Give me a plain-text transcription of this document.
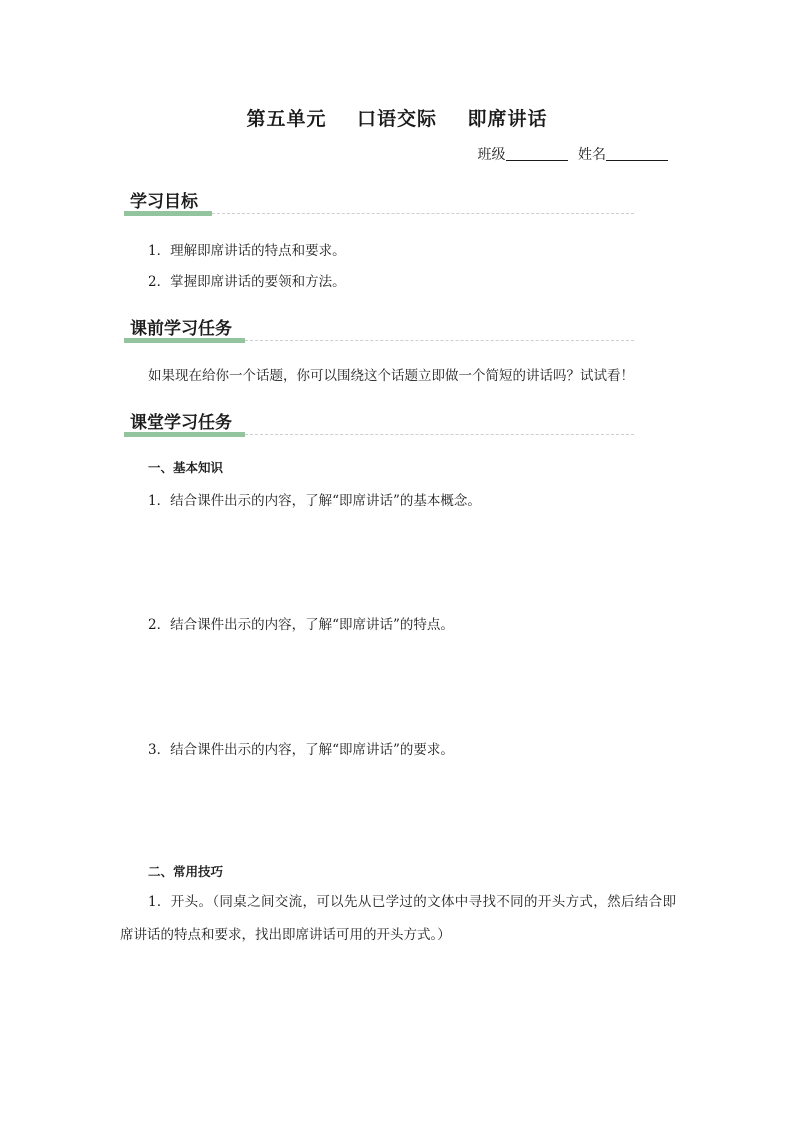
第五单元    口语交际    即席讲话
班级	姓名
学习目标
1．理解即席讲话的特点和要求。
2．掌握即席讲话的要领和方法。
课前学习任务
如果现在给你一个话题，你可以围绕这个话题立即做一个简短的讲话吗？试试看！
课堂学习任务
一、基本知识
1．结合课件出示的内容，了解“即席讲话”的基本概念。
2．结合课件出示的内容，了解“即席讲话”的特点。
3．结合课件出示的内容，了解“即席讲话”的要求。
二、常用技巧
1．开头。（同桌之间交流，可以先从已学过的文体中寻找不同的开头方式，然后结合即席讲话的特点和要求，找出即席讲话可用的开头方式。）
